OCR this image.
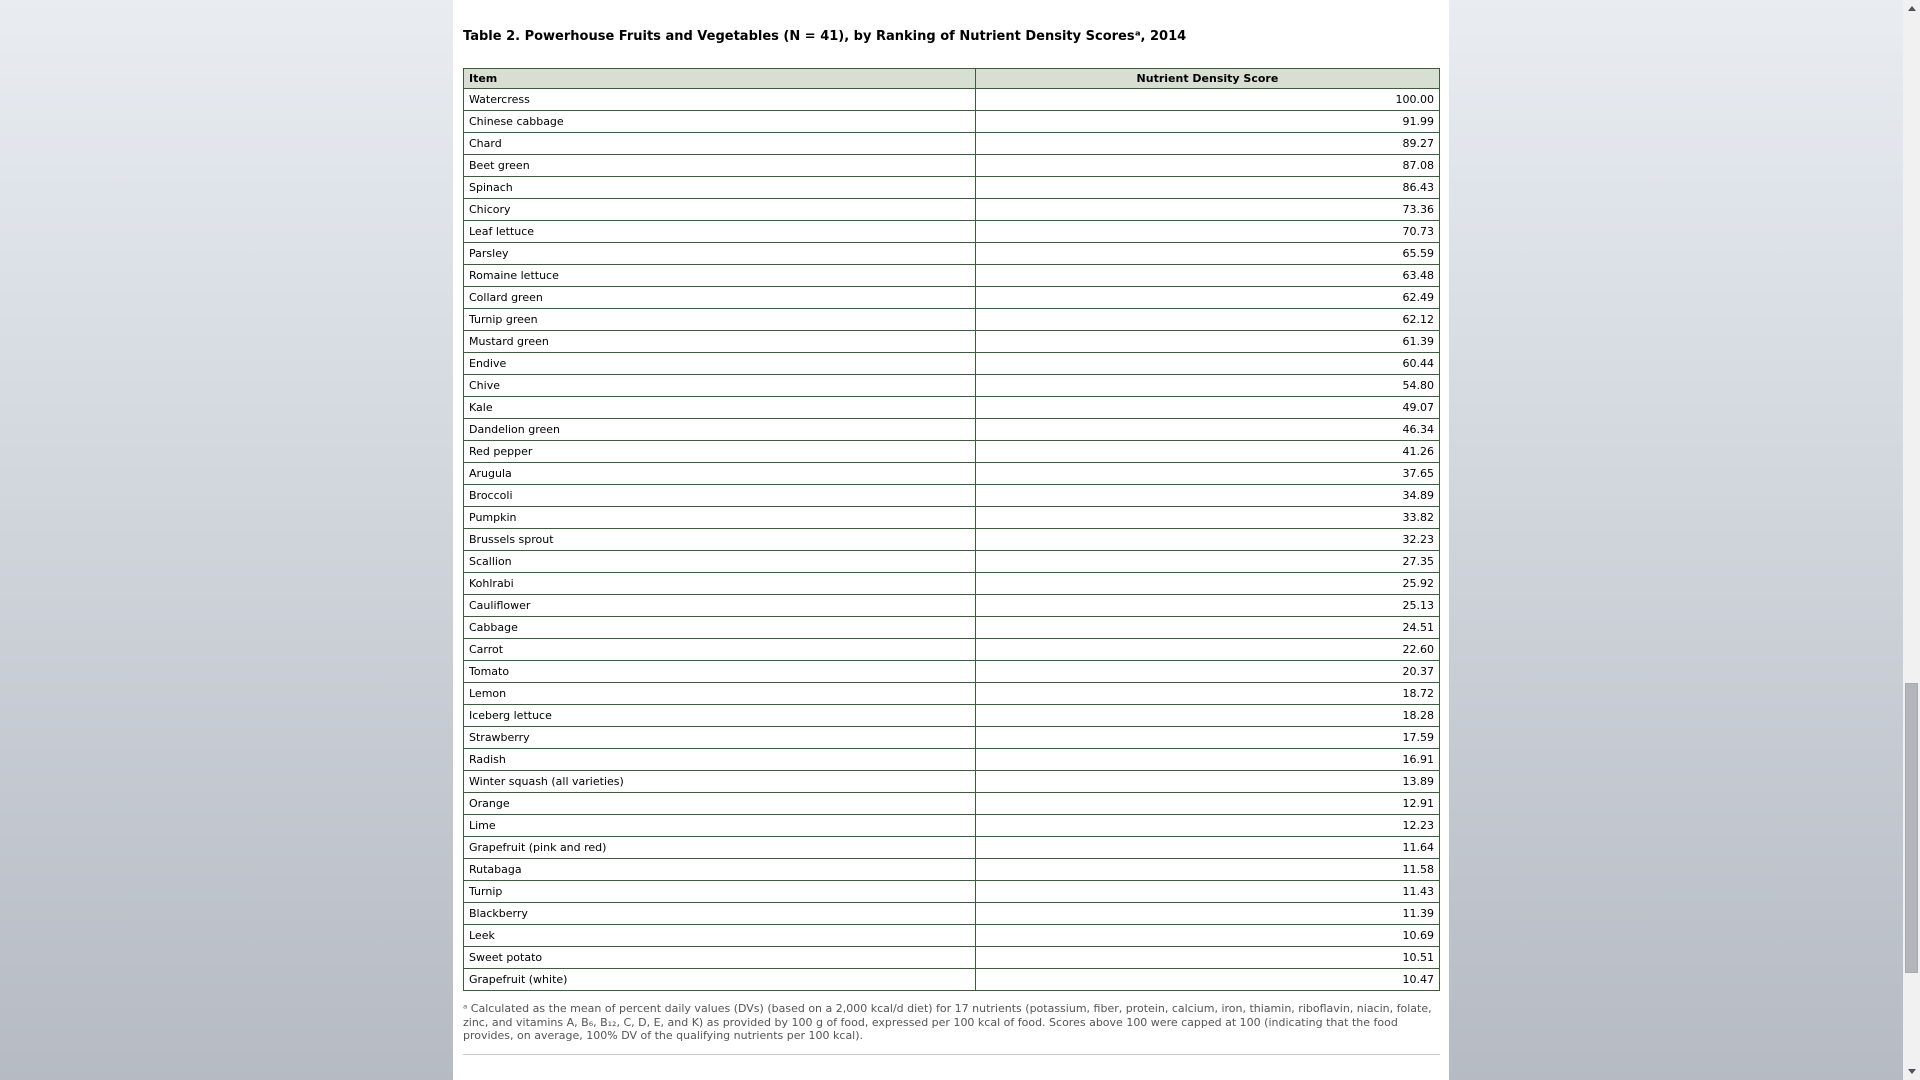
Table 2. Powerhouse Fruits and Vegetables (N = 41), by Ranking of Nutrient Density Scoresᵃ, 2014

Item	Nutrient Density Score
Watercress	100.00
Chinese cabbage	91.99
Chard	89.27
Beet green	87.08
Spinach	86.43
Chicory	73.36
Leaf lettuce	70.73
Parsley	65.59
Romaine lettuce	63.48
Collard green	62.49
Turnip green	62.12
Mustard green	61.39
Endive	60.44
Chive	54.80
Kale	49.07
Dandelion green	46.34
Red pepper	41.26
Arugula	37.65
Broccoli	34.89
Pumpkin	33.82
Brussels sprout	32.23
Scallion	27.35
Kohlrabi	25.92
Cauliflower	25.13
Cabbage	24.51
Carrot	22.60
Tomato	20.37
Lemon	18.72
Iceberg lettuce	18.28
Strawberry	17.59
Radish	16.91
Winter squash (all varieties)	13.89
Orange	12.91
Lime	12.23
Grapefruit (pink and red)	11.64
Rutabaga	11.58
Turnip	11.43
Blackberry	11.39
Leek	10.69
Sweet potato	10.51
Grapefruit (white)	10.47

ᵃ Calculated as the mean of percent daily values (DVs) (based on a 2,000 kcal/d diet) for 17 nutrients (potassium, fiber, protein, calcium, iron, thiamin, riboflavin, niacin, folate, zinc, and vitamins A, B₆, B₁₂, C, D, E, and K) as provided by 100 g of food, expressed per 100 kcal of food. Scores above 100 were capped at 100 (indicating that the food provides, on average, 100% DV of the qualifying nutrients per 100 kcal).
